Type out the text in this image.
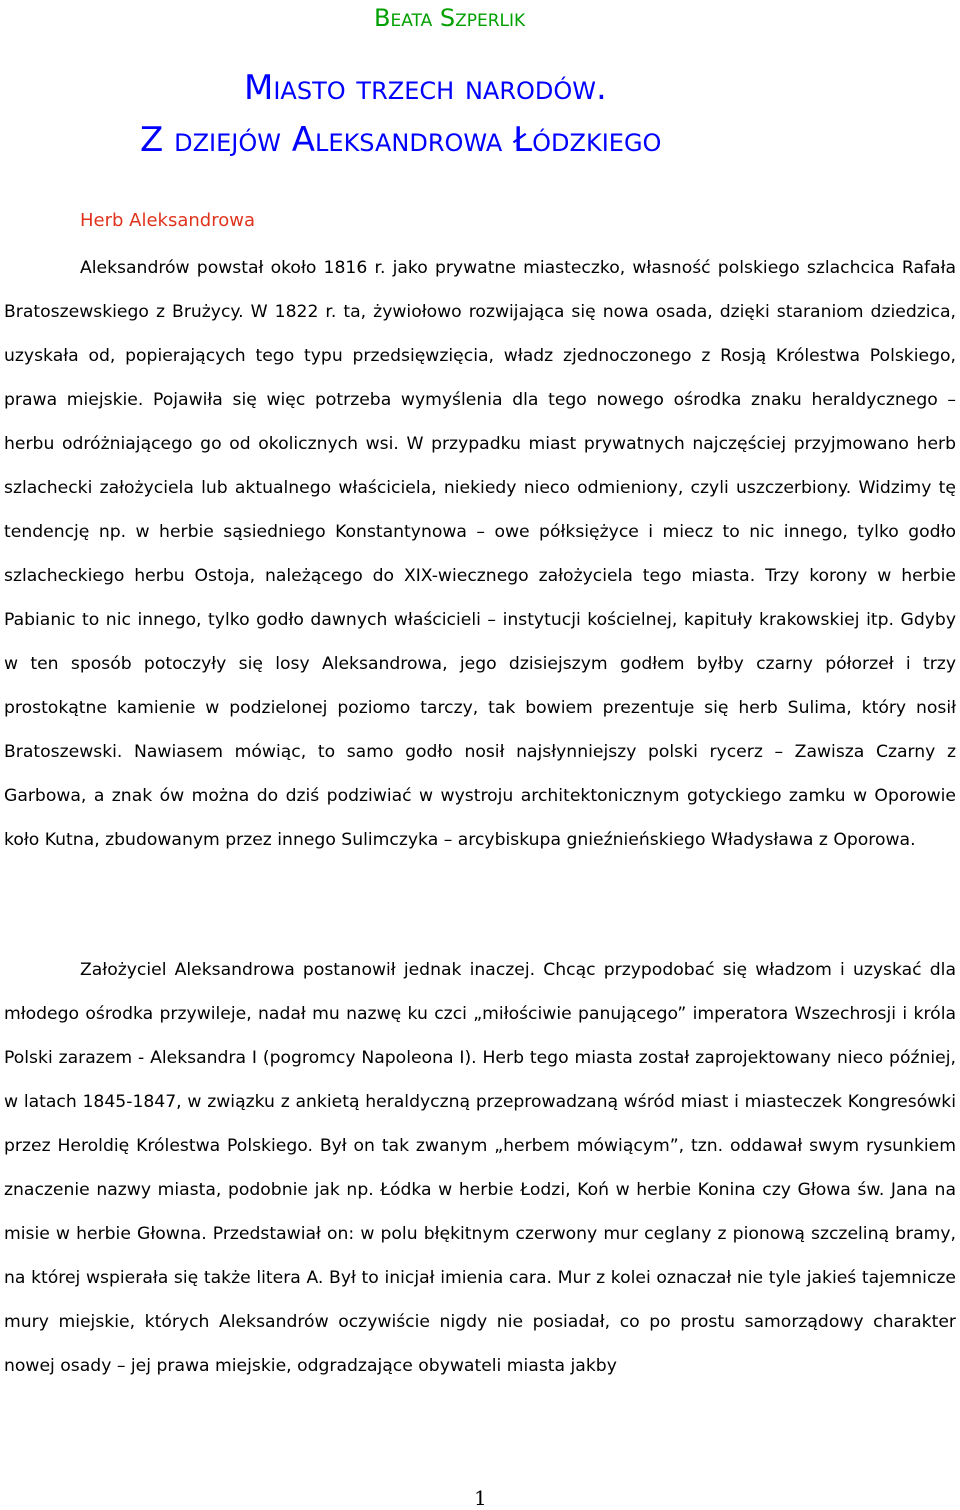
Beata Szperlik
Miasto trzech narodów.
Z dziejów Aleksandrowa Łódzkiego
Herb Aleksandrowa

Aleksandrów powstał około 1816 r. jako prywatne miasteczko, własność polskiego szlachcica Rafała Bratoszewskiego z Brużycy. W 1822 r. ta, żywiołowo rozwijająca się nowa osada, dzięki staraniom dziedzica, uzyskała od, popierających tego typu przedsięwzięcia, władz zjednoczonego z Rosją Królestwa Polskiego, prawa miejskie. Pojawiła się więc potrzeba wymyślenia dla tego nowego ośrodka znaku heraldycznego – herbu odróżniającego go od okolicznych wsi. W przypadku miast prywatnych najczęściej przyjmowano herb szlachecki założyciela lub aktualnego właściciela, niekiedy nieco odmieniony, czyli uszczerbiony. Widzimy tę tendencję np. w herbie sąsiedniego Konstantynowa – owe półksiężyce i miecz to nic innego, tylko godło szlacheckiego herbu Ostoja, należącego do XIX-wiecznego założyciela tego miasta. Trzy korony w herbie Pabianic to nic innego, tylko godło dawnych właścicieli – instytucji kościelnej, kapituły krakowskiej itp. Gdyby w ten sposób potoczyły się losy Aleksandrowa, jego dzisiejszym godłem byłby czarny półorzeł i trzy prostokątne kamienie w podzielonej poziomo tarczy, tak bowiem prezentuje się herb Sulima, który nosił Bratoszewski. Nawiasem mówiąc, to samo godło nosił najsłynniejszy polski rycerz – Zawisza Czarny z Garbowa, a znak ów można do dziś podziwiać w wystroju architektonicznym gotyckiego zamku w Oporowie koło Kutna, zbudowanym przez innego Sulimczyka – arcybiskupa gnieźnieńskiego Władysława z Oporowa.

Założyciel Aleksandrowa postanowił jednak inaczej. Chcąc przypodobać się władzom i uzyskać dla młodego ośrodka przywileje, nadał mu nazwę ku czci „miłościwie panującego” imperatora Wszechrosji i króla Polski zarazem - Aleksandra I (pogromcy Napoleona I). Herb tego miasta został zaprojektowany nieco później, w latach 1845-1847, w związku z ankietą heraldyczną przeprowadzaną wśród miast i miasteczek Kongresówki przez Heroldię Królestwa Polskiego. Był on tak zwanym „herbem mówiącym”, tzn. oddawał swym rysunkiem znaczenie nazwy miasta, podobnie jak np. Łódka w herbie Łodzi, Koń w herbie Konina czy Głowa św. Jana na misie w herbie Głowna. Przedstawiał on: w polu błękitnym czerwony mur ceglany z pionową szczeliną bramy, na której wspierała się także litera A. Był to inicjał imienia cara. Mur z kolei oznaczał nie tyle jakieś tajemnicze mury miejskie, których Aleksandrów oczywiście nigdy nie posiadał, co po prostu samorządowy charakter nowej osady – jej prawa miejskie, odgradzające obywateli miasta jakby

1
